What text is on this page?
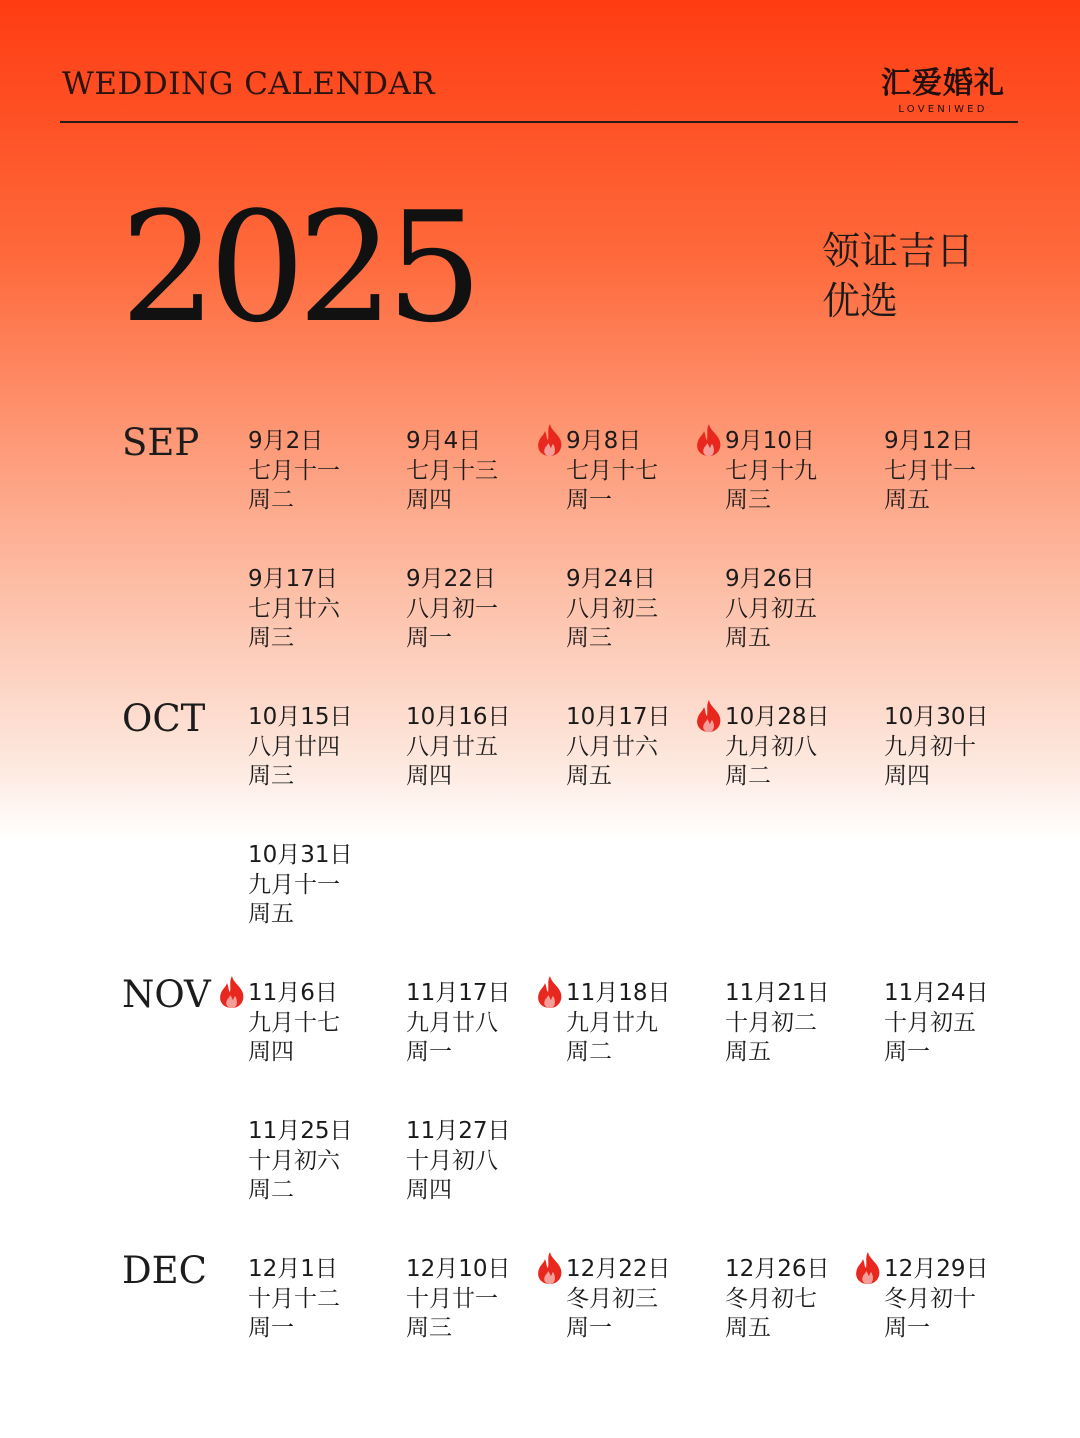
WEDDING CALENDAR	汇爱婚礼
LOVENIWED
2025	领证吉日
优选
SEP 9月2日
七月十一
周二
9月4日
七月十三
周四
9月8日
七月十七
周一
9月10日
七月十九
周三
9月12日
七月廿一
周五
9月17日
七月廿六
周三
9月22日
八月初一
周一
9月24日
八月初三
周三
9月26日
八月初五
周五
OCT 10月15日
八月廿四
周三
10月16日
八月廿五
周四
10月17日
八月廿六
周五
10月28日
九月初八
周二
10月30日
九月初十
周四
10月31日
九月十一
周五
NOV 11月6日
九月十七
周四
11月17日
九月廿八
周一
11月18日
九月廿九
周二
11月21日
十月初二
周五
11月24日
十月初五
周一
11月25日
十月初六
周二
11月27日
十月初八
周四
DEC 12月1日
十月十二
周一
12月10日
十月廿一
周三
12月22日
冬月初三
周一
12月26日
冬月初七
周五
12月29日
冬月初十
周一
